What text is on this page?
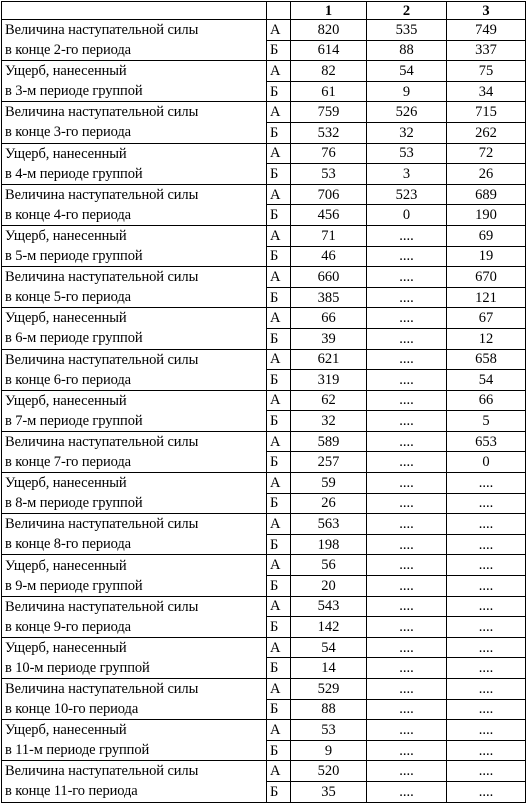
		1	2	3

Величина наступательной силы
в конце 2-го периода	А	820	535	749
	Б	614	88	337

Ущерб, нанесенный
в 3-м периоде группой	А	82	54	75
	Б	61	9	34

Величина наступательной силы
в конце 3-го периода	А	759	526	715
	Б	532	32	262

Ущерб, нанесенный
в 4-м периоде группой	А	76	53	72
	Б	53	3	26

Величина наступательной силы
в конце 4-го периода	А	706	523	689
	Б	456	0	190

Ущерб, нанесенный
в 5-м периоде группой	А	71	....	69
	Б	46	....	19

Величина наступательной силы
в конце 5-го периода	А	660	....	670
	Б	385	....	121

Ущерб, нанесенный
в 6-м периоде группой	А	66	....	67
	Б	39	....	12

Величина наступательной силы
в конце 6-го периода	А	621	....	658
	Б	319	....	54

Ущерб, нанесенный
в 7-м периоде группой	А	62	....	66
	Б	32	....	5

Величина наступательной силы
в конце 7-го периода	А	589	....	653
	Б	257	....	0

Ущерб, нанесенный
в 8-м периоде группой	А	59	....	....
	Б	26	....	....

Величина наступательной силы
в конце 8-го периода	А	563	....	....
	Б	198	....	....

Ущерб, нанесенный
в 9-м периоде группой	А	56	....	....
	Б	20	....	....

Величина наступательной силы
в конце 9-го периода	А	543	....	....
	Б	142	....	....

Ущерб, нанесенный
в 10-м периоде группой	А	54	....	....
	Б	14	....	....

Величина наступательной силы
в конце 10-го периода	А	529	....	....
	Б	88	....	....

Ущерб, нанесенный
в 11-м периоде группой	А	53	....	....
	Б	9	....	....

Величина наступательной силы
в конце 11-го периода	А	520	....	....
	Б	35	....	....
